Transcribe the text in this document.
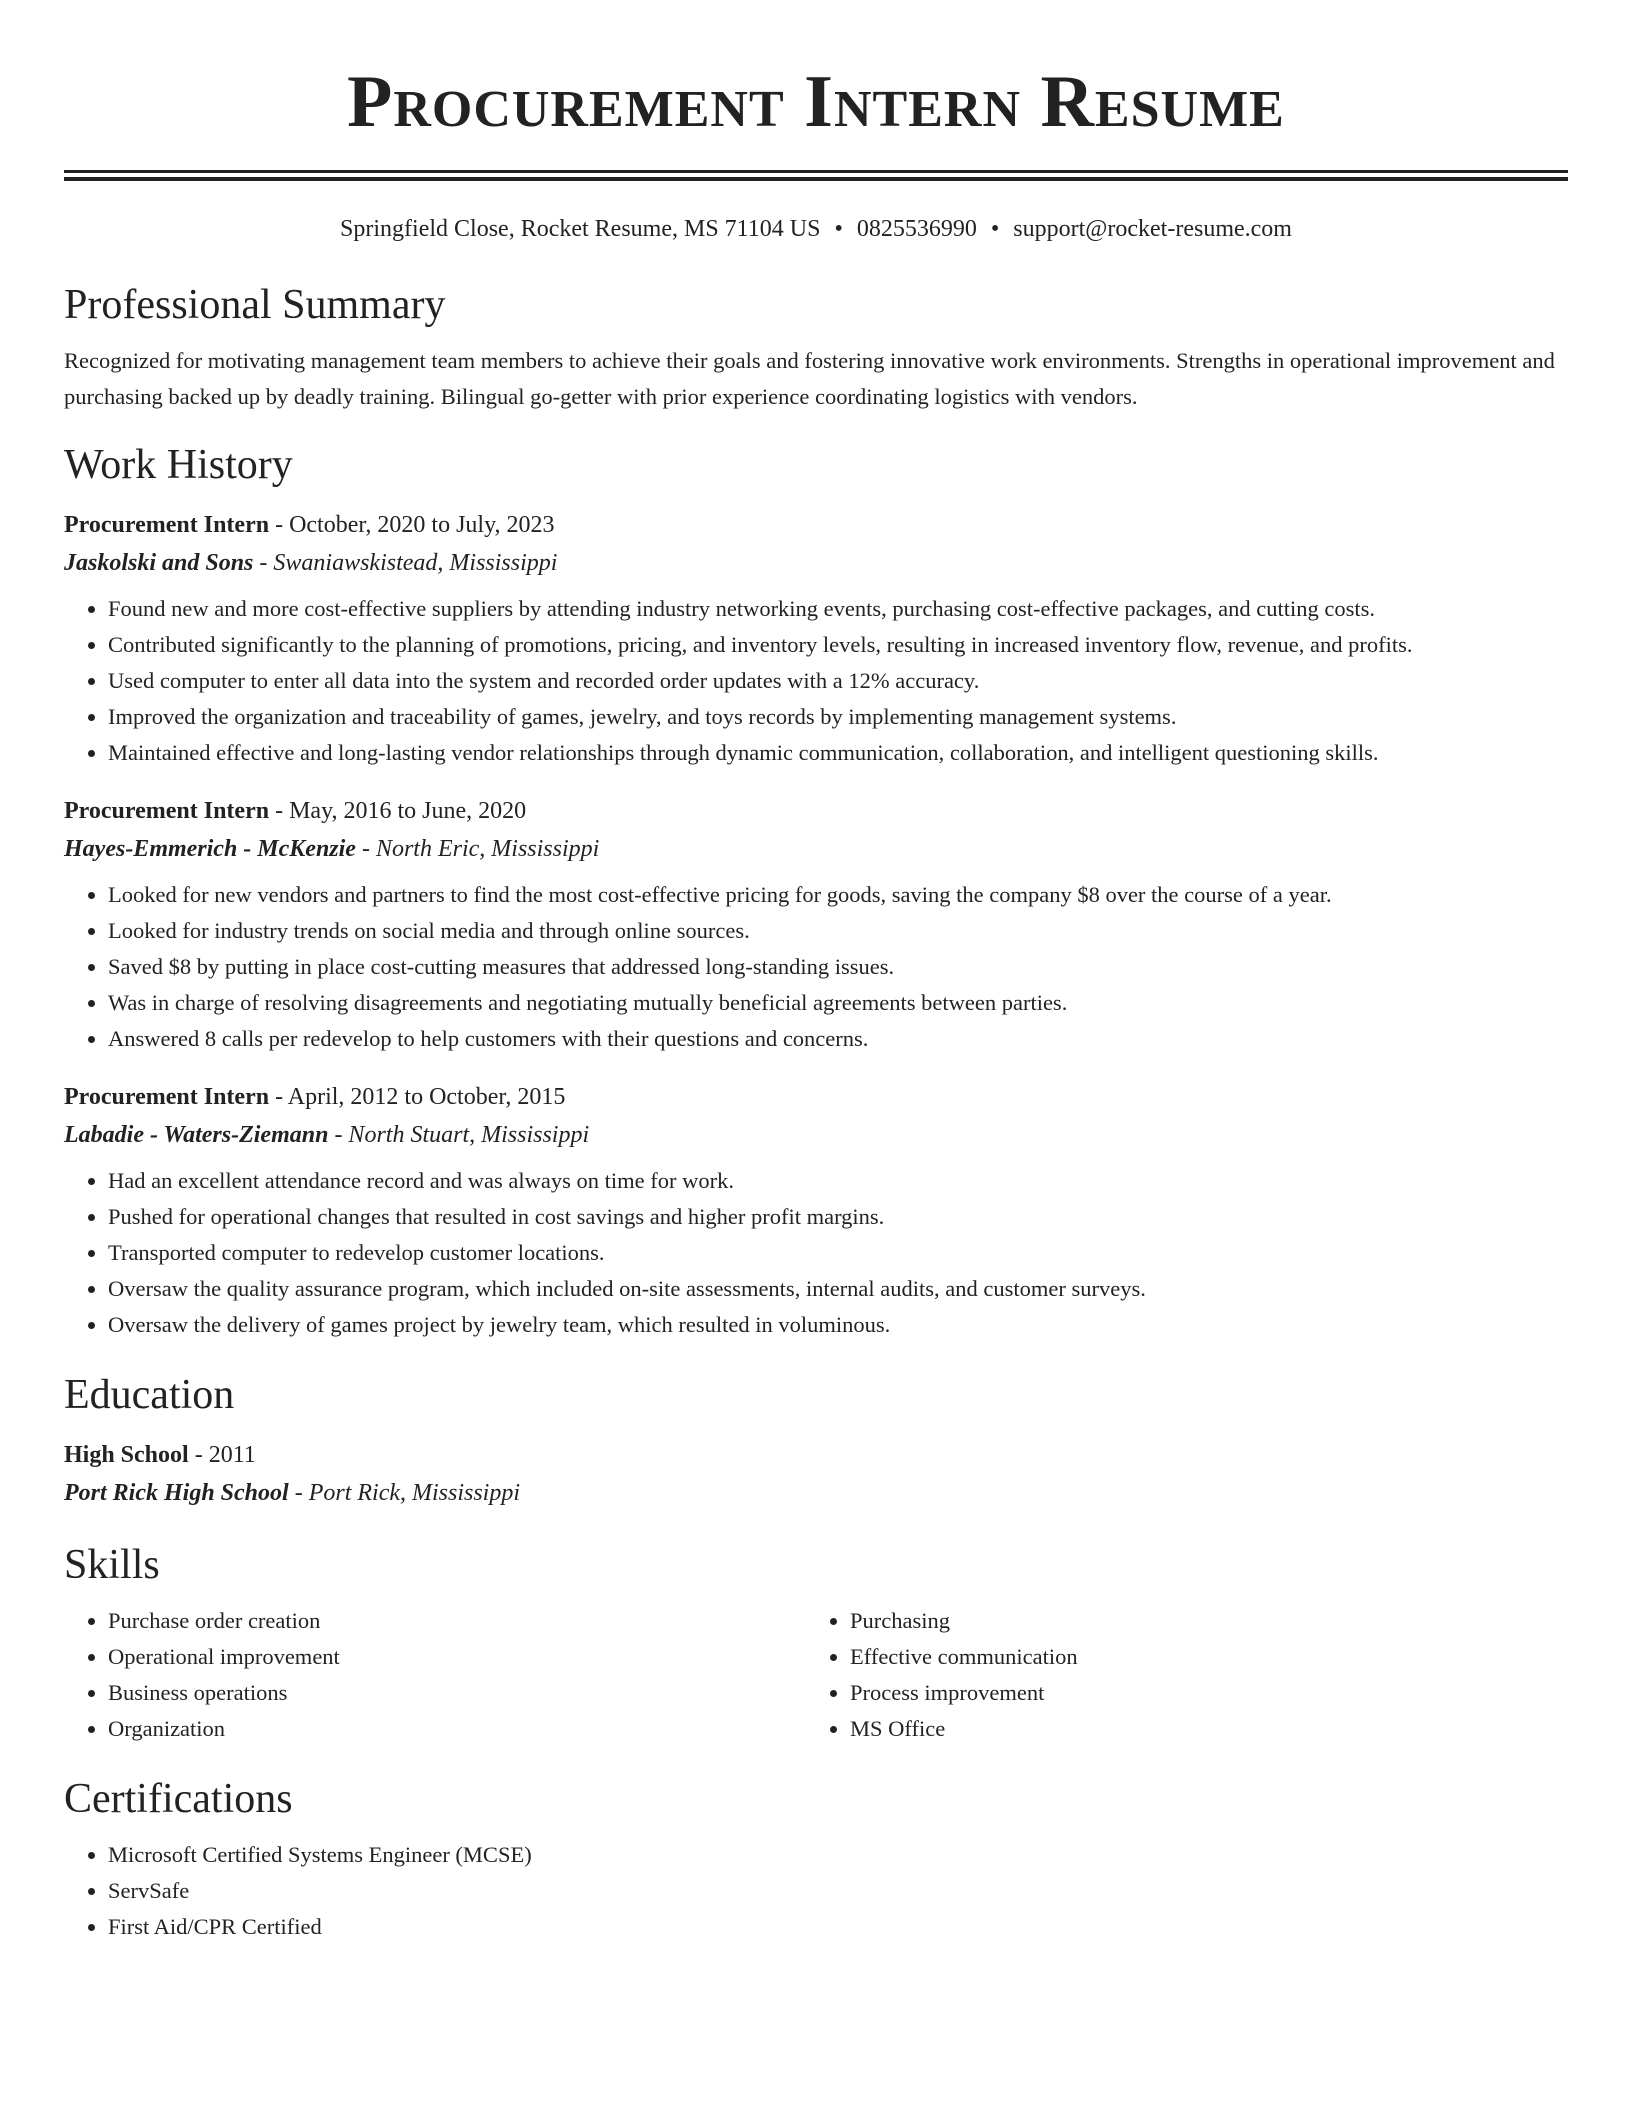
Procurement Intern Resume
Springfield Close, Rocket Resume, MS 71104 US • 0825536990 • support@rocket-resume.com
Professional Summary

Recognized for motivating management team members to achieve their goals and fostering innovative work environments. Strengths in operational improvement and purchasing backed up by deadly training. Bilingual go-getter with prior experience coordinating logistics with vendors.

Work History

Procurement Intern - October, 2020 to July, 2023

Jaskolski and Sons - Swaniawskistead, Mississippi

• Found new and more cost-effective suppliers by attending industry networking events, purchasing cost-effective packages, and cutting costs.
• Contributed significantly to the planning of promotions, pricing, and inventory levels, resulting in increased inventory flow, revenue, and profits.
• Used computer to enter all data into the system and recorded order updates with a 12% accuracy.
• Improved the organization and traceability of games, jewelry, and toys records by implementing management systems.
• Maintained effective and long-lasting vendor relationships through dynamic communication, collaboration, and intelligent questioning skills.

Procurement Intern - May, 2016 to June, 2020

Hayes-Emmerich - McKenzie - North Eric, Mississippi

• Looked for new vendors and partners to find the most cost-effective pricing for goods, saving the company $8 over the course of a year.
• Looked for industry trends on social media and through online sources.
• Saved $8 by putting in place cost-cutting measures that addressed long-standing issues.
• Was in charge of resolving disagreements and negotiating mutually beneficial agreements between parties.
• Answered 8 calls per redevelop to help customers with their questions and concerns.

Procurement Intern - April, 2012 to October, 2015

Labadie - Waters-Ziemann - North Stuart, Mississippi

• Had an excellent attendance record and was always on time for work.
• Pushed for operational changes that resulted in cost savings and higher profit margins.
• Transported computer to redevelop customer locations.
• Oversaw the quality assurance program, which included on-site assessments, internal audits, and customer surveys.
• Oversaw the delivery of games project by jewelry team, which resulted in voluminous.
Education

High School - 2011

Port Rick High School - Port Rick, Mississippi

Skills
• Purchase order creation
• Operational improvement
• Business operations
• Organization
• Purchasing
• Effective communication
• Process improvement
• MS Office
Certifications
• Microsoft Certified Systems Engineer (MCSE)
• ServSafe
• First Aid/CPR Certified
